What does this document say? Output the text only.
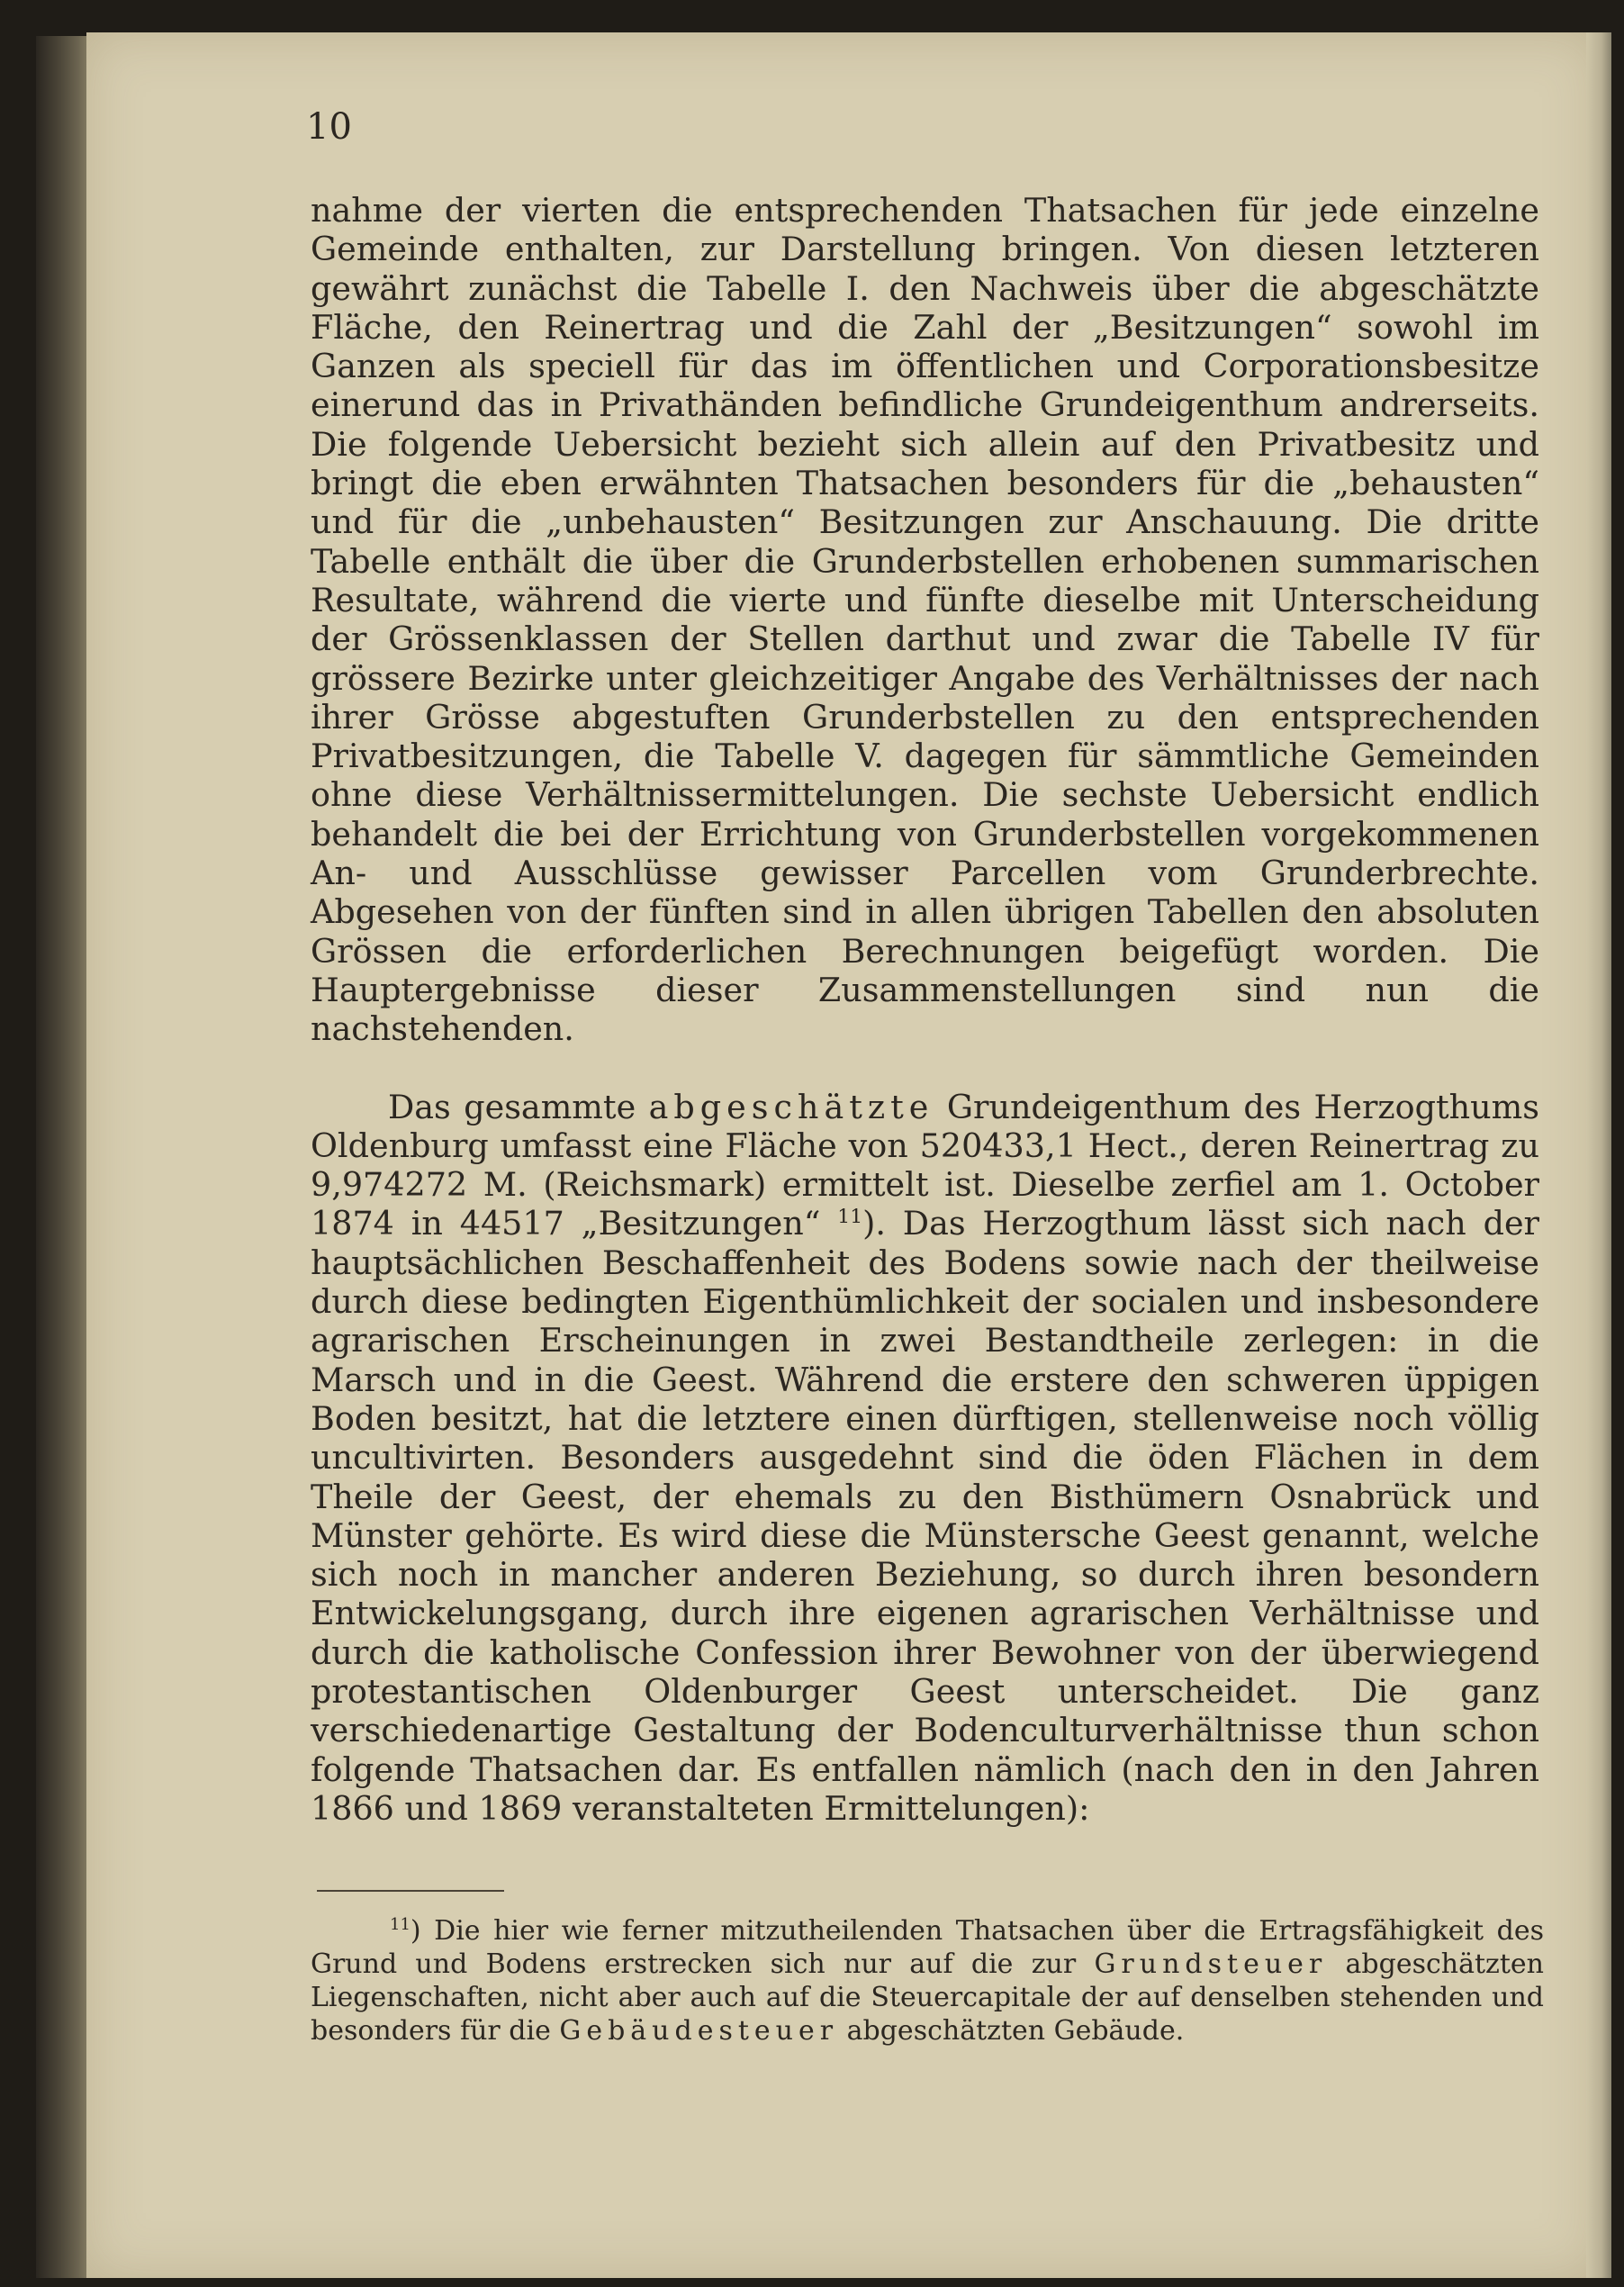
10

nahme der vierten die entsprechenden Thatsachen für jede einzelne Gemeinde enthalten, zur Darstellung bringen. Von diesen letzteren gewährt zunächst die Tabelle I. den Nachweis über die abgeschätzte Fläche, den Reinertrag und die Zahl der „Besitzungen“ sowohl im Ganzen als speciell für das im öffentlichen und Corporationsbesitze einerund das in Privathänden befindliche Grundeigenthum andrerseits. Die folgende Uebersicht bezieht sich allein auf den Privatbesitz und bringt die eben erwähnten Thatsachen besonders für die „behausten“ und für die „unbehausten“ Besitzungen zur Anschauung. Die dritte Tabelle enthält die über die Grunderbstellen erhobenen summarischen Resultate, während die vierte und fünfte dieselbe mit Unterscheidung der Grössenklassen der Stellen darthut und zwar die Tabelle IV für grössere Bezirke unter gleichzeitiger Angabe des Verhältnisses der nach ihrer Grösse abgestuften Grunderbstellen zu den entsprechenden Privatbesitzungen, die Tabelle V. dagegen für sämmtliche Gemeinden ohne diese Verhältnissermittelungen. Die sechste Uebersicht endlich behandelt die bei der Errichtung von Grunderbstellen vorgekommenen An- und Ausschlüsse gewisser Parcellen vom Grunderbrechte. Abgesehen von der fünften sind in allen übrigen Tabellen den absoluten Grössen die erforderlichen Berechnungen beigefügt worden. Die Hauptergebnisse dieser Zusammenstellungen sind nun die nachstehenden.

Das gesammte abgeschätzte Grundeigenthum des Herzogthums Oldenburg umfasst eine Fläche von 520433,1 Hect., deren Reinertrag zu 9,974272 M. (Reichsmark) ermittelt ist. Dieselbe zerfiel am 1. October 1874 in 44517 „Besitzungen“ $^{11}$). Das Herzogthum lässt sich nach der hauptsächlichen Beschaffenheit des Bodens sowie nach der theilweise durch diese bedingten Eigenthümlichkeit der socialen und insbesondere agrarischen Erscheinungen in zwei Bestandtheile zerlegen: in die Marsch und in die Geest. Während die erstere den schweren üppigen Boden besitzt, hat die letztere einen dürftigen, stellenweise noch völlig uncultivirten. Besonders ausgedehnt sind die öden Flächen in dem Theile der Geest, der ehemals zu den Bisthümern Osnabrück und Münster gehörte. Es wird diese die Münstersche Geest genannt, welche sich noch in mancher anderen Beziehung, so durch ihren besondern Entwickelungsgang, durch ihre eigenen agrarischen Verhältnisse und durch die katholische Confession ihrer Bewohner von der überwiegend protestantischen Oldenburger Geest unterscheidet. Die ganz verschiedenartige Gestaltung der Bodenculturverhältnisse thun schon folgende Thatsachen dar. Es entfallen nämlich (nach den in den Jahren 1866 und 1869 veranstalteten Ermittelungen):

$^{11}$) Die hier wie ferner mitzutheilenden Thatsachen über die Ertragsfähigkeit des Grund und Bodens erstrecken sich nur auf die zur Grundsteuer abgeschätzten Liegenschaften, nicht aber auch auf die Steuercapitale der auf denselben stehenden und besonders für die Gebäudesteuer abgeschätzten Gebäude.
